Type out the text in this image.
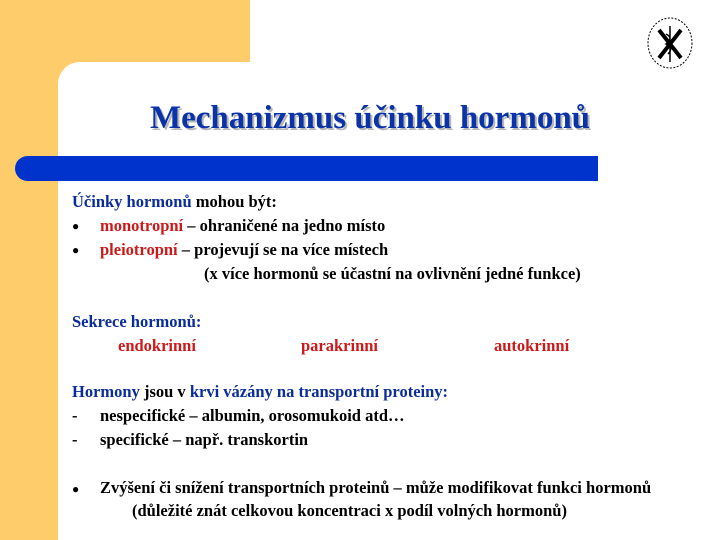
Mechanizmus účinku hormonů
Účinky hormonů mohou být:
● monotropní – ohraničené na jedno místo
● pleiotropní – projevují se na více místech
(x více hormonů se účastní na ovlivnění jedné funkce)
Sekrece hormonů:
endokrinní	parakrinní	autokrinní
Hormony jsou v krvi vázány na transportní proteiny:
- nespecifické – albumin, orosomukoid atd…
- specifické – např. transkortin
● Zvýšení či snížení transportních proteinů – může modifikovat funkci hormonů
(důležité znát celkovou koncentraci x podíl volných hormonů)
